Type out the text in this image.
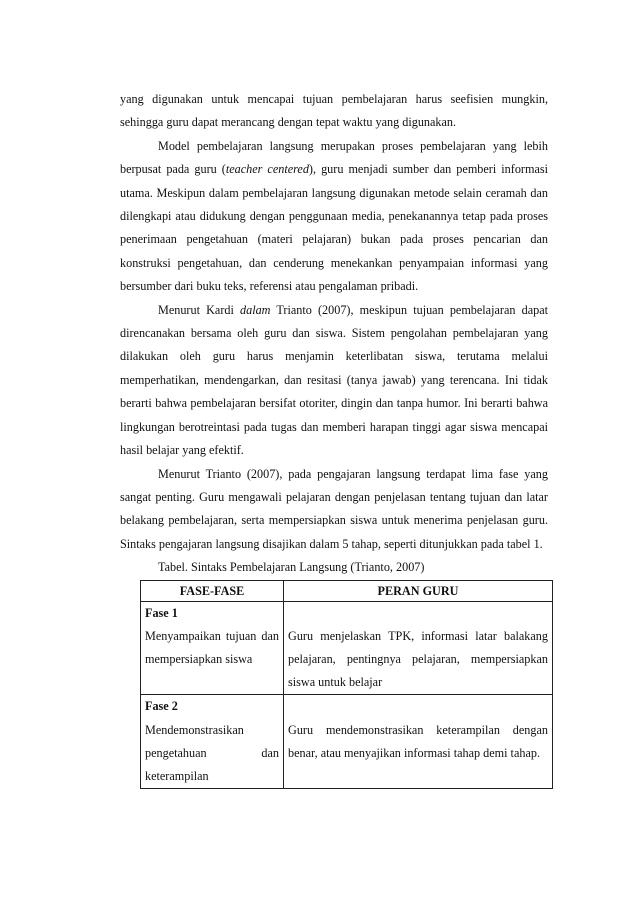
yang digunakan untuk mencapai tujuan pembelajaran harus seefisien mungkin, sehingga guru dapat merancang dengan tepat waktu yang digunakan.

Model pembelajaran langsung merupakan proses pembelajaran yang lebih berpusat pada guru (teacher centered), guru menjadi sumber dan pemberi informasi utama. Meskipun dalam pembelajaran langsung digunakan metode selain ceramah dan dilengkapi atau didukung dengan penggunaan media, penekanannya tetap pada proses penerimaan pengetahuan (materi pelajaran) bukan pada proses pencarian dan konstruksi pengetahuan, dan cenderung menekankan penyampaian informasi yang bersumber dari buku teks, referensi atau pengalaman pribadi.

Menurut Kardi dalam Trianto (2007), meskipun tujuan pembelajaran dapat direncanakan bersama oleh guru dan siswa. Sistem pengolahan pembelajaran yang dilakukan oleh guru harus menjamin keterlibatan siswa, terutama melalui memperhatikan, mendengarkan, dan resitasi (tanya jawab) yang terencana. Ini tidak berarti bahwa pembelajaran bersifat otoriter, dingin dan tanpa humor. Ini berarti bahwa lingkungan berotreintasi pada tugas dan memberi harapan tinggi agar siswa mencapai hasil belajar yang efektif.

Menurut Trianto (2007), pada pengajaran langsung terdapat lima fase yang sangat penting. Guru mengawali pelajaran dengan penjelasan tentang tujuan dan latar belakang pembelajaran, serta mempersiapkan siswa untuk menerima penjelasan guru. Sintaks pengajaran langsung disajikan dalam 5 tahap, seperti ditunjukkan pada tabel 1.

Tabel. Sintaks Pembelajaran Langsung (Trianto, 2007)

FASE-FASE	PERAN GURU

Fase 1
Menyampaikan tujuan dan mempersiapkan siswa	Guru menjelaskan TPK, informasi latar balakang pelajaran, pentingnya pelajaran, mempersiapkan siswa untuk belajar

Fase 2
Mendemonstrasikan pengetahuan dan keterampilan	Guru mendemonstrasikan keterampilan dengan benar, atau menyajikan informasi tahap demi tahap.
